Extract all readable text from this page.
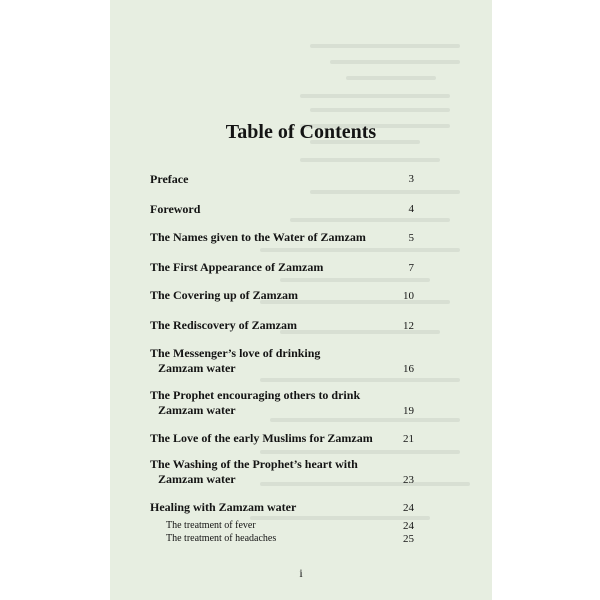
Table of Contents
Preface	3
Foreword	4
The Names given to the Water of Zamzam	5
The First Appearance of Zamzam	7
The Covering up of Zamzam	10
The Rediscovery of Zamzam	12
The Messenger’s love of drinking
Zamzam water	16
The Prophet encouraging others to drink
Zamzam water	19
The Love of the early Muslims for Zamzam	21
The Washing of the Prophet’s heart with
Zamzam water	23
Healing with Zamzam water	24
The treatment of fever	24
The treatment of headaches	25
i
